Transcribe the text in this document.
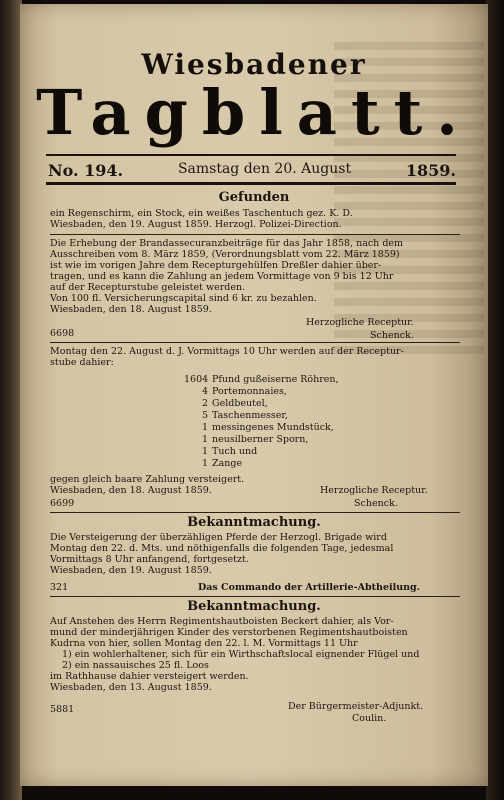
Wiesbadener
Tagblatt.
No. 194.	Samstag den 20. August	1859.
Gefunden
ein Regenschirm, ein Stock, ein weißes Taschentuch gez. K. D.
Wiesbaden, den 19. August 1859. Herzogl. Polizei-Direction.
Die Erhebung der Brandassecuranzbeiträge für das Jahr 1858, nach dem
Ausschreiben vom 8. März 1859, (Verordnungsblatt vom 22. März 1859)
ist wie im vorigen Jahre dem Recepturgehülfen Dreßler dahier über-
tragen, und es kann die Zahlung an jedem Vormittage von 9 bis 12 Uhr
auf der Recepturstube geleistet werden.
Von 100 fl. Versicherungscapital sind 6 kr. zu bezahlen.
Wiesbaden, den 18. August 1859.
Herzogliche Receptur.
6698	Schenck.
Montag den 22. August d. J. Vormittags 10 Uhr werden auf der Receptur-
stube dahier:
1604 Pfund gußeiserne Röhren,
4 Portemonnaies,
2 Geldbeutel,
5 Taschenmesser,
1 messingenes Mundstück,
1 neusilberner Sporn,
1 Tuch und
1 Zange
gegen gleich baare Zahlung versteigert.
Wiesbaden, den 18. August 1859.	Herzogliche Receptur.
6699	Schenck.
Bekanntmachung.
Die Versteigerung der überzähligen Pferde der Herzogl. Brigade wird
Montag den 22. d. Mts. und nöthigenfalls die folgenden Tage, jedesmal
Vormittags 8 Uhr anfangend, fortgesetzt.
Wiesbaden, den 19. August 1859.
321	Das Commando der Artillerie-Abtheilung.
Bekanntmachung.
Auf Anstehen des Herrn Regimentshautboisten Beckert dahier, als Vor-
mund der minderjährigen Kinder des verstorbenen Regimentshautboisten
Kudrna von hier, sollen Montag den 22. l. M. Vormittags 11 Uhr
1) ein wohlerhaltener, sich für ein Wirthschaftslocal eignender Flügel und
2) ein nassauisches 25 fl. Loos
im Rathhause dahier versteigert werden.
Wiesbaden, den 13. August 1859.
5881	Der Bürgermeister-Adjunkt.
Coulin.
